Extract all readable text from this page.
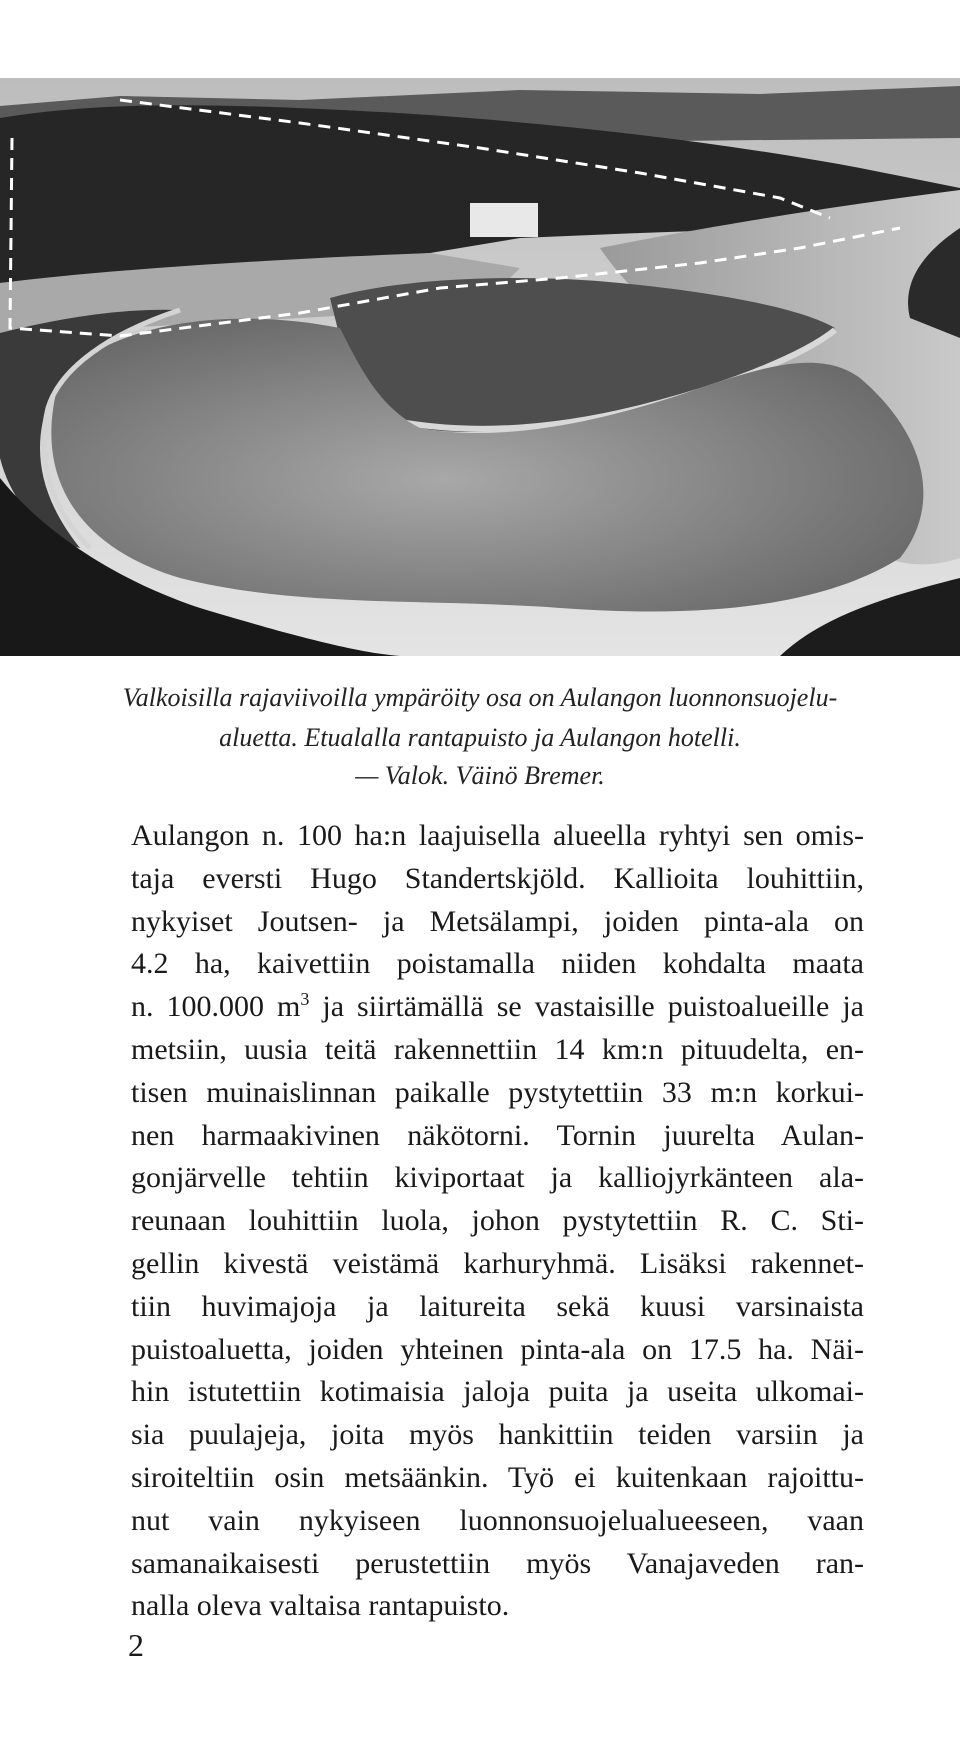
Valkoisilla rajaviivoilla ympäröity osa on Aulangon luonnonsuojelu-
aluetta. Etualalla rantapuisto ja Aulangon hotelli.
— Valok. Väinö Bremer.
Aulangon n. 100 ha:n laajuisella alueella ryhtyi sen omis-
taja eversti Hugo Standertskjöld. Kallioita louhittiin,
nykyiset Joutsen- ja Metsälampi, joiden pinta-ala on
4.2 ha, kaivettiin poistamalla niiden kohdalta maata
n. 100.000 $m^3$ ja siirtämällä se vastaisille puistoalueille ja
metsiin, uusia teitä rakennettiin 14 km:n pituudelta, en-
tisen muinaislinnan paikalle pystytettiin 33 m:n korkui-
nen harmaakivinen näkötorni. Tornin juurelta Aulan-
gonjärvelle tehtiin kiviportaat ja kalliojyrkänteen ala-
reunaan louhittiin luola, johon pystytettiin R. C. Sti-
gellin kivestä veistämä karhuryhmä. Lisäksi rakennet-
tiin huvimajoja ja laitureita sekä kuusi varsinaista
puistoaluetta, joiden yhteinen pinta-ala on 17.5 ha. Näi-
hin istutettiin kotimaisia jaloja puita ja useita ulkomai-
sia puulajeja, joita myös hankittiin teiden varsiin ja
siroiteltiin osin metsäänkin. Työ ei kuitenkaan rajoittu-
nut vain nykyiseen luonnonsuojelualueeseen, vaan
samanaikaisesti perustettiin myös Vanajaveden ran-
nalla oleva valtaisa rantapuisto.
2
